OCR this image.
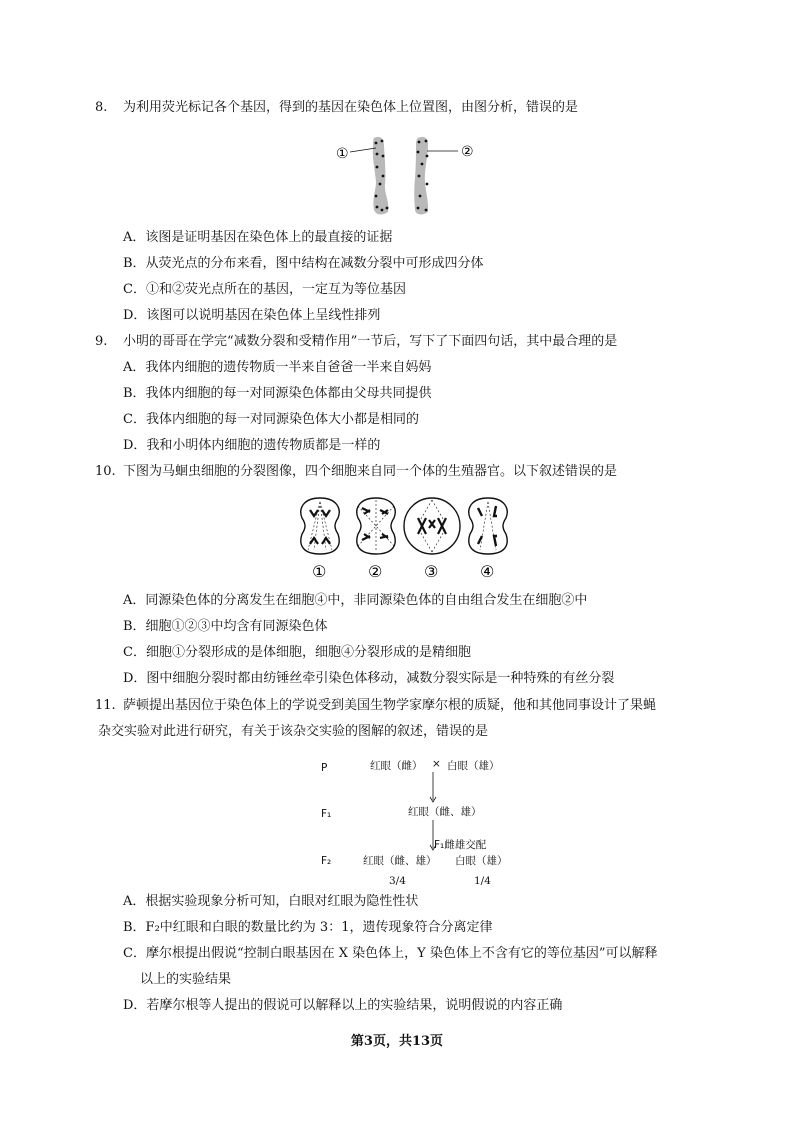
8. 为利用荧光标记各个基因，得到的基因在染色体上位置图，由图分析，错误的是
①	②
A．该图是证明基因在染色体上的最直接的证据
B．从荧光点的分布来看，图中结构在减数分裂中可形成四分体
C．①和②荧光点所在的基因，一定互为等位基因
D．该图可以说明基因在染色体上呈线性排列
9. 小明的哥哥在学完“减数分裂和受精作用”一节后，写下了下面四句话，其中最合理的是
A．我体内细胞的遗传物质一半来自爸爸一半来自妈妈
B．我体内细胞的每一对同源染色体都由父母共同提供
C．我体内细胞的每一对同源染色体大小都是相同的
D．我和小明体内细胞的遗传物质都是一样的
10. 下图为马蛔虫细胞的分裂图像，四个细胞来自同一个体的生殖器官。以下叙述错误的是
①	②	③	④
A．同源染色体的分离发生在细胞④中，非同源染色体的自由组合发生在细胞②中
B．细胞①②③中均含有同源染色体
C．细胞①分裂形成的是体细胞，细胞④分裂形成的是精细胞
D．图中细胞分裂时都由纺锤丝牵引染色体移动，减数分裂实际是一种特殊的有丝分裂
11. 萨顿提出基因位于染色体上的学说受到美国生物学家摩尔根的质疑，他和其他同事设计了果蝇
杂交实验对此进行研究，有关于该杂交实验的图解的叙述，错误的是
P	红眼（雌） × 白眼（雄）
F₁	红眼（雌、雄）
F₁雌雄交配
F₂	红眼（雌、雄） 白眼（雄）
3/4	1/4
A．根据实验现象分析可知，白眼对红眼为隐性性状
B．F₂中红眼和白眼的数量比约为 3：1，遗传现象符合分离定律
C．摩尔根提出假说“控制白眼基因在 X 染色体上，Y 染色体上不含有它的等位基因”可以解释
以上的实验结果
D．若摩尔根等人提出的假说可以解释以上的实验结果，说明假说的内容正确
第3页，共13页
